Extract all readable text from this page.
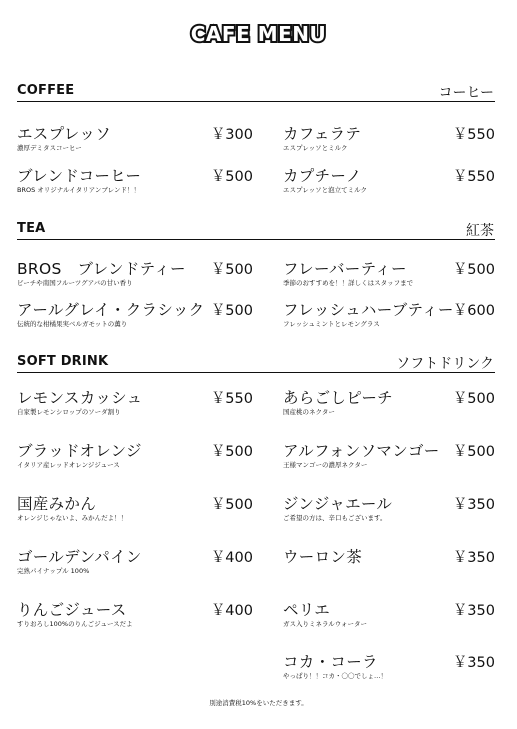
CAFE MENU
COFFEE	コーヒー
エスプレッソ	￥300
濃厚デミタスコーヒー
カフェラテ	￥550
エスプレッソとミルク
ブレンドコーヒー	￥500
BROS オリジナルイタリアンブレンド！！
カプチーノ	￥550
エスプレッソと泡立てミルク
TEA	紅茶
BROS　ブレンドティー ￥500
ピーチや南国フルーツグアバの甘い香り
フレーバーティー	￥500
季節のおすすめを！！詳しくはスタッフまで
アールグレイ・クラシック ￥500
伝統的な柑橘果実ベルガモットの薫り
フレッシュハーブティー ￥600
フレッシュミントとレモングラス
SOFT DRINK	ソフトドリンク
レモンスカッシュ	￥550
自家製レモンシロップのソーダ割り
あらごしピーチ	￥500
国産桃のネクター
ブラッドオレンジ	￥500
イタリア産レッドオレンジジュース
アルフォンソマンゴー ￥500
王様マンゴーの濃厚ネクター
国産みかん	￥500
オレンジじゃないよ、みかんだよ！！
ジンジャエール	￥350
ご希望の方は、辛口もございます。
ゴールデンパイン	￥400
完熟パイナップル 100%
ウーロン茶	￥350
りんごジュース	￥400
すりおろし100%のりんごジュースだよ
ペリエ	￥350
ガス入りミネラルウォーター
コカ・コーラ	￥350
やっぱり！！コカ・〇〇でしょ…！
別途消費税10%をいただきます。
